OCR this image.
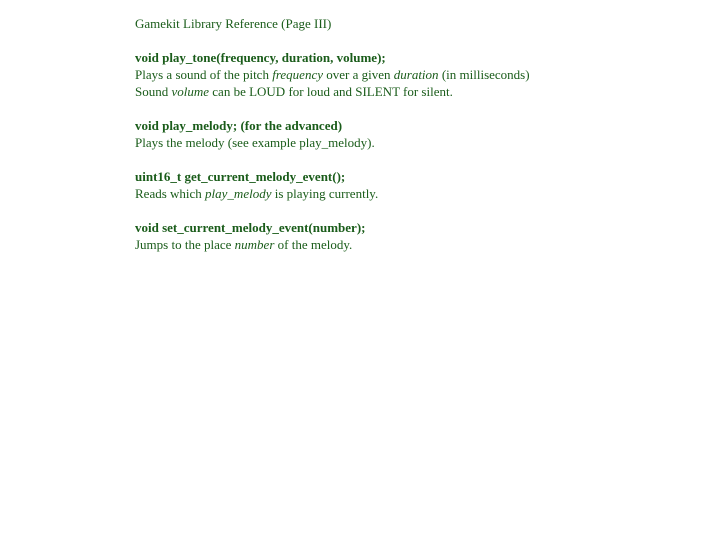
Gamekit Library Reference (Page III)
void play_tone(frequency, duration, volume);
Plays a sound of the pitch frequency over a given duration (in milliseconds)
Sound volume can be LOUD for loud and SILENT for silent.
void play_melody; (for the advanced)
Plays the melody (see example play_melody).
uint16_t get_current_melody_event();
Reads which play_melody is playing currently.
void set_current_melody_event(number);
Jumps to the place number of the melody.
